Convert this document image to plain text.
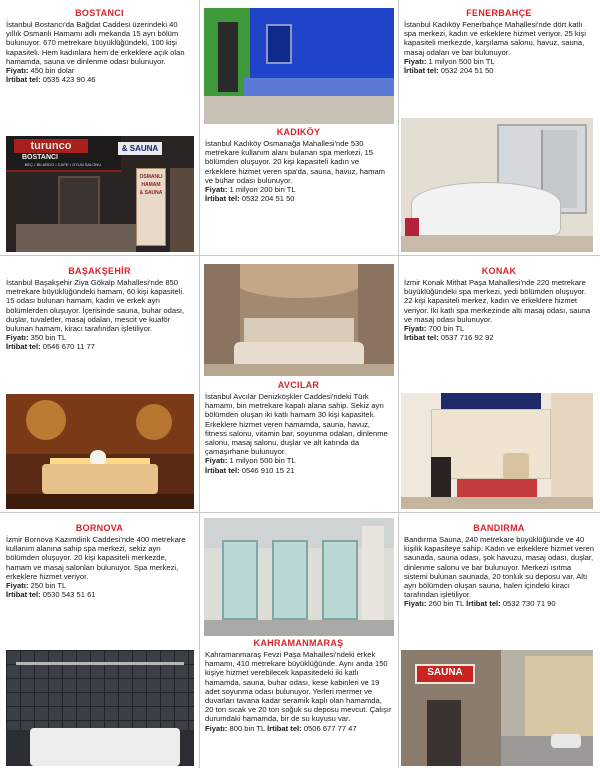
BOSTANCI

İstanbul Bostancı'da Bağdat Caddesi üzerindeki 40 yıllık Osmanlı Hamamı adlı mekanda 15 ayrı bölüm bulunuyor. 670 metrekare büyüklüğündeki, 100 kişi kapasiteli. Hem kadınlara hem de erkeklere açık olan hamamda, sauna ve dinlenme odası bulunuyor.

Fiyatı: 450 bin dolar

İrtibat tel: 0535 423 90 46

turunco
BOSTANCI
BEÇ • BİLARDO • CAFE • OYUN SALONU
& SAUNA
OSMANLI
HAMAM
& SAUNA
KADIKÖY

İstanbul Kadıköy Osmanağa Mahallesi'nde 530 metrekare kullanım alanı bulanan spa merkezi, 15 bölümden oluşuyor. 20 kişi kapasiteli kadın ve erkeklere hizmet veren spa'da, sauna, havuz, hamam ve buhar odası bulunuyor.

Fiyatı: 1 milyon 200 bin TL

İrtibat tel: 0532 204 51 50

FENERBAHÇE

İstanbul Kadıköy Fenerbahçe Mahallesi'nde dört katlı spa merkezi, kadın ve erkeklere hizmet veriyor. 25 kişi kapasiteli merkezde, karşılama salonu, havuz, sauna, masaj odaları ve bar bulunuyor.

Fiyatı: 1 milyon 500 bin TL

İrtibat tel: 0532 204 51 50

BAŞAKŞEHİR

İstanbul Başakşehir Ziya Gökalp Mahallesi'nde 850 metrekare büyüklüğündeki hamam, 60 kişi kapasiteli. 15 odası bulunan hamam, kadın ve erkek ayrı bölümlerden oluşuyor. İçerisinde sauna, buhar odası, duşlar, tuvaletler, masaj odaları, mescit ve kuaför bulunan hamam, kiracı tarafından işletiliyor.

Fiyatı: 350 bin TL

İrtibat tel: 0546 670 11 77

AVCILAR

İstanbul Avcılar Denizköşkler Caddesi'ndeki Türk hamamı, bin metrekare kapalı alana sahip. Sekiz ayrı bölümden oluşan iki katlı hamam 30 kişi kapasiteli. Erkeklere hizmet veren hamamda, sauna, havuz, fitness salonu, vitamin bar, soyunma odaları, dinlenme salonu, masaj salonu, duşlar ve alt katında da çamaşırhane bulunuyor.

Fiyatı: 1 milyon 500 bin TL

İrtibat tel: 0546 910 15 21

KONAK

İzmir Konak Mithat Paşa Mahallesi'nde 220 metrekare büyüklüğündeki spa merkezi, yedi bölümden oluşuyor. 22 kişi kapasiteli merkez, kadın ve erkeklere hizmet veriyor. İki katlı spa merkezinde altı masaj odası, sauna ve masaj odası bulunuyor.

Fiyatı: 700 bin TL

İrtibat tel: 0537 716 92 92

BORNOVA

İzmir Bornova Kazımdirik Caddesi'nde 400 metrekare kullanım alanına sahip spa merkezi, sekiz ayrı bölümden oluşuyor. 20 kişi kapasiteli merkezde, hamam ve masaj salonları bulunuyor. Spa merkezi, erkeklere hizmet veriyor.

Fiyatı: 250 bin TL

İrtibat tel: 0530 543 51 61

KAHRAMANMARAŞ

Kahramanmaraş Fevzi Paşa Mahallesi'ndeki erkek hamamı, 410 metrekare büyüklüğünde. Aynı anda 150 kişiye hizmet verebilecek kapasitedeki iki katlı hamamda, sauna, buhar odası, kese kabinleri ve 19 adet soyunma odası bulunuyor. Yerleri mermer ve duvarları tavana kadar seramik kaplı olan hamamda, 20 ton sıcak ve 20 ton soğuk su deposu mevcut. Çalışır durumdaki hamamda, bir de su kuyusu var.

Fiyatı: 800 bin TL İrtibat tel: 0506 677 77 47

BANDIRMA

Bandırma Sauna, 240 metrekare büyüklüğünde ve 40 kişilik kapasiteye sahip. Kadın ve erkeklere hizmet veren saunada, sauna odası, şok havuzu, masaj odası, duşlar, dinlenme salonu ve bar bulunuyor. Merkezi ısıtma sistemi bulunan saunada, 20 tonluk su deposu var. Altı ayrı bölümden oluşan sauna, halen içindeki kiracı tarafından işletiliyor.

Fiyatı: 260 bin TL İrtibat tel: 0532 730 71 90

SAUNA
